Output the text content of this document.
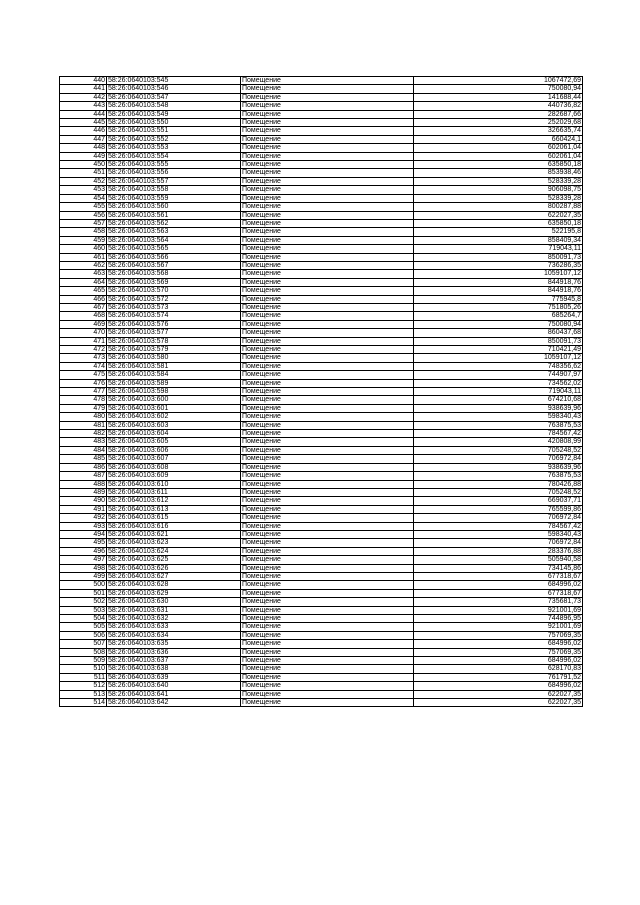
440	58:26:0640103:545	Помещение	1067472,69
441	58:26:0640103:546	Помещение	750080,94
442	58:26:0640103:547	Помещение	141688,44
443	58:26:0640103:548	Помещение	440736,82
444	58:26:0640103:549	Помещение	282687,66
445	58:26:0640103:550	Помещение	252029,68
446	58:26:0640103:551	Помещение	326635,74
447	58:26:0640103:552	Помещение	660424,1
448	58:26:0640103:553	Помещение	602061,04
449	58:26:0640103:554	Помещение	602061,04
450	58:26:0640103:555	Помещение	635850,18
451	58:26:0640103:556	Помещение	853938,46
452	58:26:0640103:557	Помещение	528339,28
453	58:26:0640103:558	Помещение	906098,75
454	58:26:0640103:559	Помещение	528339,28
455	58:26:0640103:560	Помещение	800287,88
456	58:26:0640103:561	Помещение	622027,35
457	58:26:0640103:562	Помещение	635850,18
458	58:26:0640103:563	Помещение	522195,8
459	58:26:0640103:564	Помещение	858409,34
460	58:26:0640103:565	Помещение	719043,11
461	58:26:0640103:566	Помещение	850091,73
462	58:26:0640103:567	Помещение	736286,35
463	58:26:0640103:568	Помещение	1059107,12
464	58:26:0640103:569	Помещение	844918,76
465	58:26:0640103:570	Помещение	844918,76
466	58:26:0640103:572	Помещение	775945,8
467	58:26:0640103:573	Помещение	751805,26
468	58:26:0640103:574	Помещение	685264,7
469	58:26:0640103:576	Помещение	750080,94
470	58:26:0640103:577	Помещение	860437,68
471	58:26:0640103:578	Помещение	850091,73
472	58:26:0640103:579	Помещение	710421,49
473	58:26:0640103:580	Помещение	1059107,12
474	58:26:0640103:581	Помещение	748356,62
475	58:26:0640103:584	Помещение	744907,97
476	58:26:0640103:589	Помещение	734562,02
477	58:26:0640103:598	Помещение	719043,11
478	58:26:0640103:600	Помещение	674210,68
479	58:26:0640103:601	Помещение	938639,96
480	58:26:0640103:602	Помещение	598340,43
481	58:26:0640103:603	Помещение	763875,53
482	58:26:0640103:604	Помещение	784567,42
483	58:26:0640103:605	Помещение	420808,99
484	58:26:0640103:606	Помещение	705248,52
485	58:26:0640103:607	Помещение	706972,84
486	58:26:0640103:608	Помещение	938639,96
487	58:26:0640103:609	Помещение	763875,53
488	58:26:0640103:610	Помещение	780426,88
489	58:26:0640103:611	Помещение	705248,52
490	58:26:0640103:612	Помещение	669037,71
491	58:26:0640103:613	Помещение	765599,86
492	58:26:0640103:615	Помещение	706972,84
493	58:26:0640103:616	Помещение	784567,42
494	58:26:0640103:621	Помещение	598340,43
495	58:26:0640103:623	Помещение	706972,84
496	58:26:0640103:624	Помещение	283376,88
497	58:26:0640103:625	Помещение	505940,58
498	58:26:0640103:626	Помещение	734145,86
499	58:26:0640103:627	Помещение	677318,67
500	58:26:0640103:628	Помещение	684996,02
501	58:26:0640103:629	Помещение	677318,67
502	58:26:0640103:630	Помещение	735681,73
503	58:26:0640103:631	Помещение	921001,69
504	58:26:0640103:632	Помещение	744896,95
505	58:26:0640103:633	Помещение	921001,69
506	58:26:0640103:634	Помещение	757069,35
507	58:26:0640103:635	Помещение	684996,02
508	58:26:0640103:636	Помещение	757069,35
509	58:26:0640103:637	Помещение	684996,02
510	58:26:0640103:638	Помещение	628170,83
511	58:26:0640103:639	Помещение	761791,52
512	58:26:0640103:640	Помещение	684996,02
513	58:26:0640103:641	Помещение	622027,35
514	58:26:0640103:642	Помещение	622027,35
